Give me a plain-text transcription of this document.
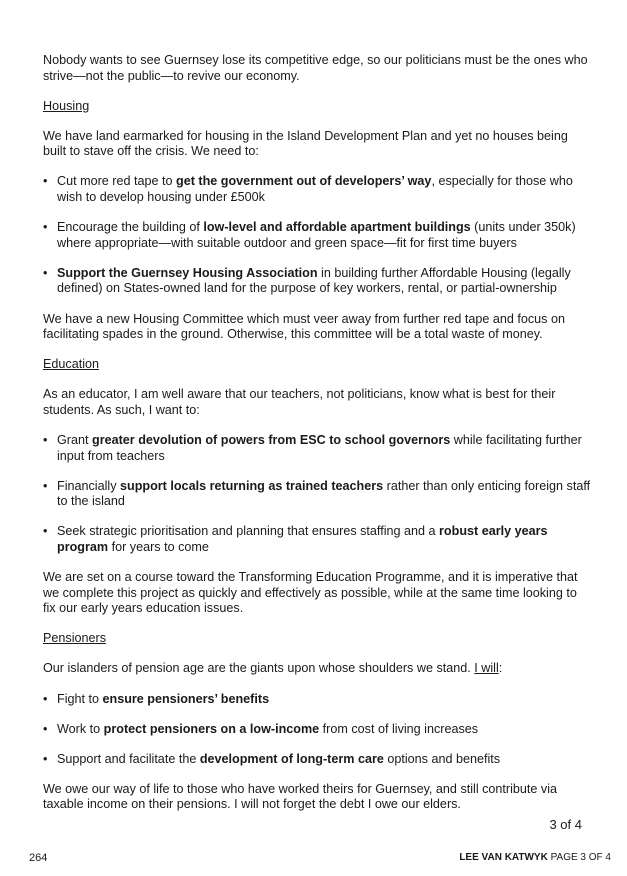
Nobody wants to see Guernsey lose its competitive edge, so our politicians must be the ones who strive—not the public—to revive our economy.

Housing

We have land earmarked for housing in the Island Development Plan and yet no houses being built to stave off the crisis. We need to:

• Cut more red tape to get the government out of developers’ way, especially for those who wish to develop housing under £500k
• Encourage the building of low-level and affordable apartment buildings (units under 350k) where appropriate—with suitable outdoor and green space—fit for first time buyers
• Support the Guernsey Housing Association in building further Affordable Housing (legally defined) on States-owned land for the purpose of key workers, rental, or partial-ownership

We have a new Housing Committee which must veer away from further red tape and focus on facilitating spades in the ground. Otherwise, this committee will be a total waste of money.

Education

As an educator, I am well aware that our teachers, not politicians, know what is best for their students. As such, I want to:

• Grant greater devolution of powers from ESC to school governors while facilitating further input from teachers
• Financially support locals returning as trained teachers rather than only enticing foreign staff to the island
• Seek strategic prioritisation and planning that ensures staffing and a robust early years program for years to come

We are set on a course toward the Transforming Education Programme, and it is imperative that we complete this project as quickly and effectively as possible, while at the same time looking to fix our early years education issues.

Pensioners

Our islanders of pension age are the giants upon whose shoulders we stand. I will:

• Fight to ensure pensioners’ benefits
• Work to protect pensioners on a low-income from cost of living increases
• Support and facilitate the development of long-term care options and benefits

We owe our way of life to those who have worked theirs for Guernsey, and still contribute via taxable income on their pensions. I will not forget the debt I owe our elders.

3 of 4
264	LEE VAN KATWYK PAGE 3 OF 4
